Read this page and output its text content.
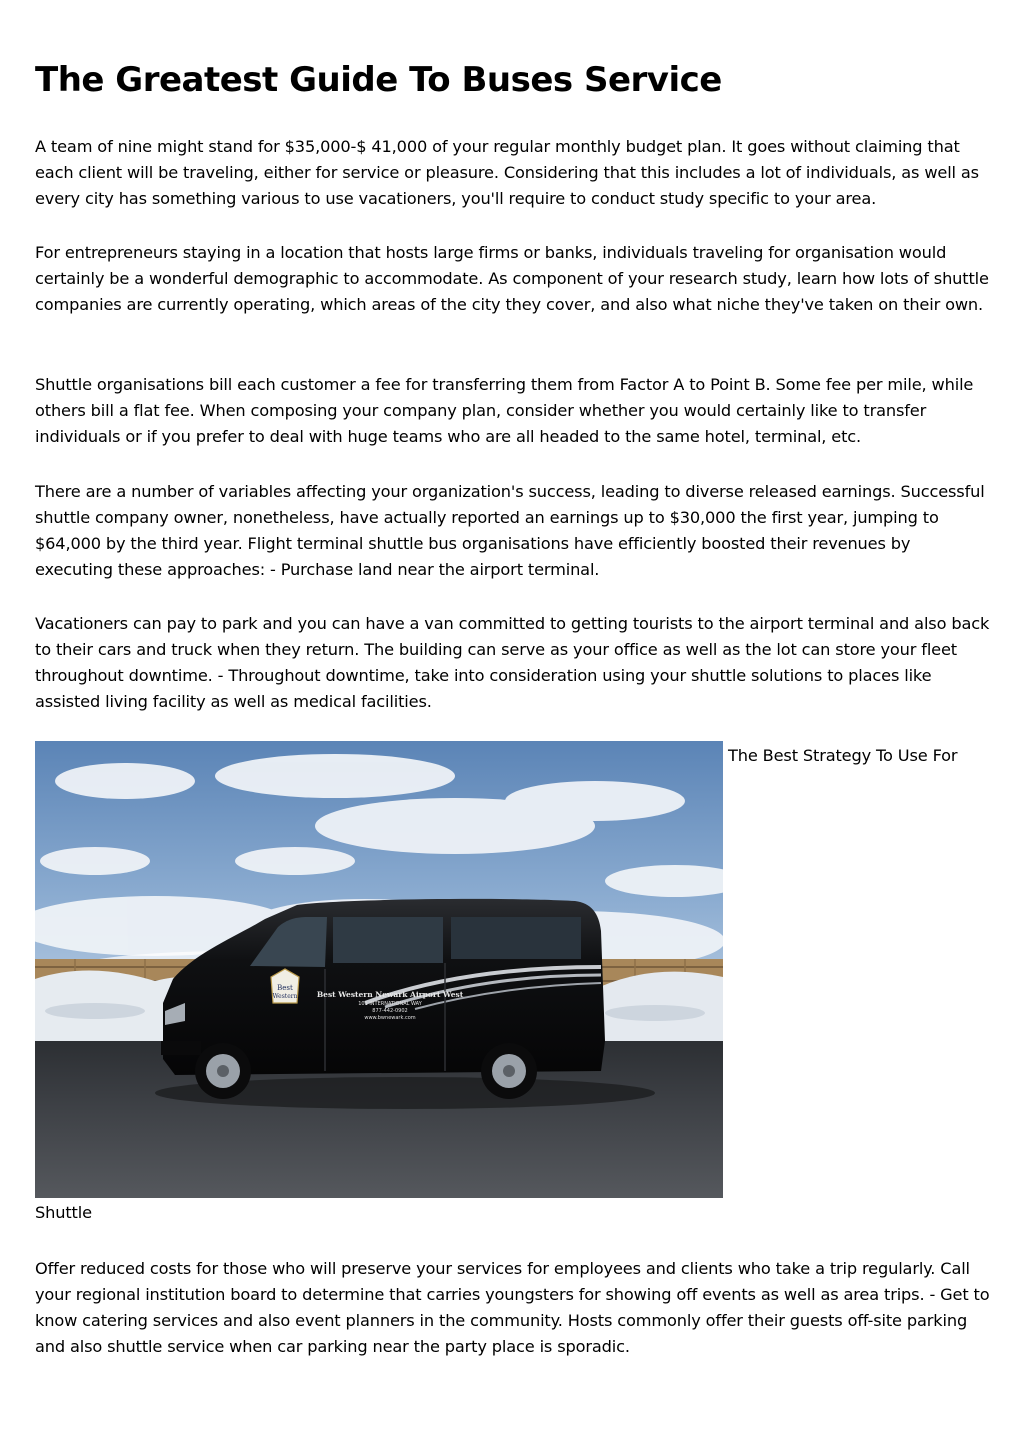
The Greatest Guide To Buses Service

A team of nine might stand for $35,000-$ 41,000 of your regular monthly budget plan. It goes without claiming that each client will be traveling, either for service or pleasure. Considering that this includes a lot of individuals, as well as every city has something various to use vacationers, you'll require to conduct study specific to your area.

For entrepreneurs staying in a location that hosts large firms or banks, individuals traveling for organisation would certainly be a wonderful demographic to accommodate. As component of your research study, learn how lots of shuttle companies are currently operating, which areas of the city they cover, and also what niche they've taken on their own.

Shuttle organisations bill each customer a fee for transferring them from Factor A to Point B. Some fee per mile, while others bill a flat fee. When composing your company plan, consider whether you would certainly like to transfer individuals or if you prefer to deal with huge teams who are all headed to the same hotel, terminal, etc.

There are a number of variables affecting your organization's success, leading to diverse released earnings. Successful shuttle company owner, nonetheless, have actually reported an earnings up to $30,000 the first year, jumping to $64,000 by the third year. Flight terminal shuttle bus organisations have efficiently boosted their revenues by executing these approaches: - Purchase land near the airport terminal.

Vacationers can pay to park and you can have a van committed to getting tourists to the airport terminal and also back to their cars and truck when they return. The building can serve as your office as well as the lot can store your fleet throughout downtime. - Throughout downtime, take into consideration using your shuttle solutions to places like assisted living facility as well as medical facilities.

Best
Western	Best Western Newark Airport West
101 INTERNATIONAL WAY
877-442-0902
www.bwnewark.com
The Best Strategy To Use For
Shuttle

Offer reduced costs for those who will preserve your services for employees and clients who take a trip regularly. Call your regional institution board to determine that carries youngsters for showing off events as well as area trips. - Get to know catering services and also event planners in the community. Hosts commonly offer their guests off-site parking and also shuttle service when car parking near the party place is sporadic.
